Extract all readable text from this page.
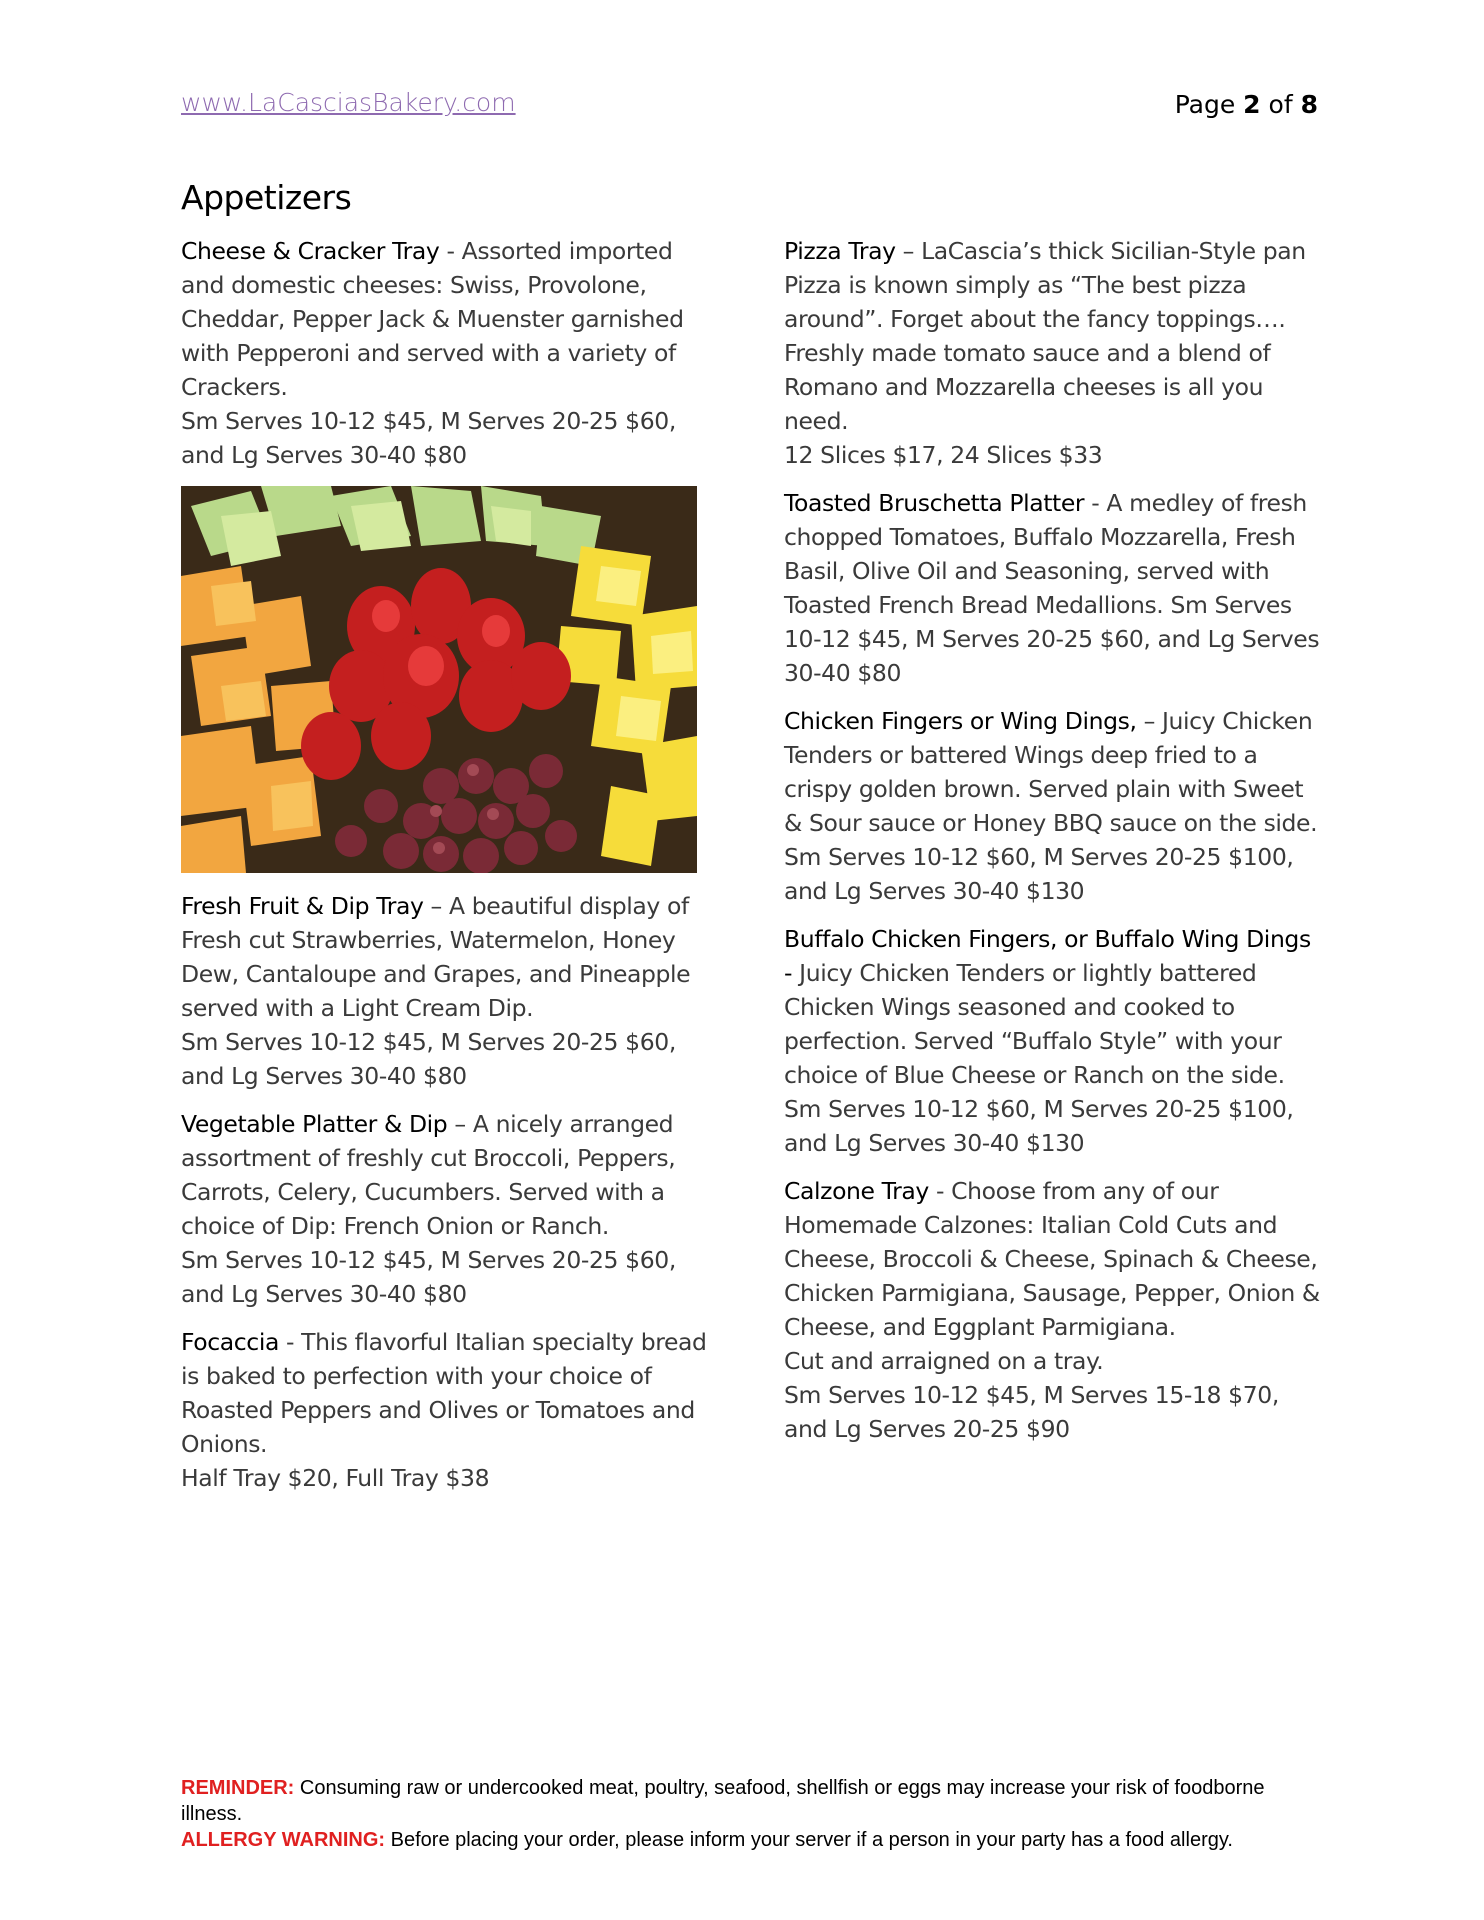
www.LaCasciasBakery.com	Page 2 of 8
Appetizers

Cheese & Cracker Tray - Assorted imported and domestic cheeses: Swiss, Provolone, Cheddar, Pepper Jack & Muenster garnished with Pepperoni and served with a variety of Crackers.

Sm Serves 10-12 $45, M Serves 20-25 $60, and Lg Serves 30-40 $80

Fresh Fruit & Dip Tray – A beautiful display of Fresh cut Strawberries, Watermelon, Honey Dew, Cantaloupe and Grapes, and Pineapple served with a Light Cream Dip.

Sm Serves 10-12 $45, M Serves 20-25 $60, and Lg Serves 30-40 $80

Vegetable Platter & Dip – A nicely arranged assortment of freshly cut Broccoli, Peppers, Carrots, Celery, Cucumbers. Served with a choice of Dip: French Onion or Ranch.

Sm Serves 10-12 $45, M Serves 20-25 $60, and Lg Serves 30-40 $80

Focaccia - This flavorful Italian specialty bread is baked to perfection with your choice of Roasted Peppers and Olives or Tomatoes and Onions.

Half Tray $20, Full Tray $38

Pizza Tray – LaCascia’s thick Sicilian-Style pan Pizza is known simply as “The best pizza around”. Forget about the fancy toppings…. Freshly made tomato sauce and a blend of Romano and Mozzarella cheeses is all you need.

12 Slices $17, 24 Slices $33

Toasted Bruschetta Platter - A medley of fresh chopped Tomatoes, Buffalo Mozzarella, Fresh Basil, Olive Oil and Seasoning, served with Toasted French Bread Medallions. Sm Serves 10-12 $45, M Serves 20-25 $60, and Lg Serves 30-40 $80

Chicken Fingers or Wing Dings, – Juicy Chicken Tenders or battered Wings deep fried to a crispy golden brown. Served plain with Sweet & Sour sauce or Honey BBQ sauce on the side.

Sm Serves 10-12 $60, M Serves 20-25 $100, and Lg Serves 30-40 $130

Buffalo Chicken Fingers, or Buffalo Wing Dings - Juicy Chicken Tenders or lightly battered Chicken Wings seasoned and cooked to perfection. Served “Buffalo Style” with your choice of Blue Cheese or Ranch on the side.

Sm Serves 10-12 $60, M Serves 20-25 $100, and Lg Serves 30-40 $130

Calzone Tray - Choose from any of our Homemade Calzones: Italian Cold Cuts and Cheese, Broccoli & Cheese, Spinach & Cheese, Chicken Parmigiana, Sausage, Pepper, Onion & Cheese, and Eggplant Parmigiana.

Cut and arraigned on a tray.

Sm Serves 10-12 $45, M Serves 15-18 $70, and Lg Serves 20-25 $90

REMINDER: Consuming raw or undercooked meat, poultry, seafood, shellfish or eggs may increase your risk of foodborne illness.
ALLERGY WARNING: Before placing your order, please inform your server if a person in your party has a food allergy.
